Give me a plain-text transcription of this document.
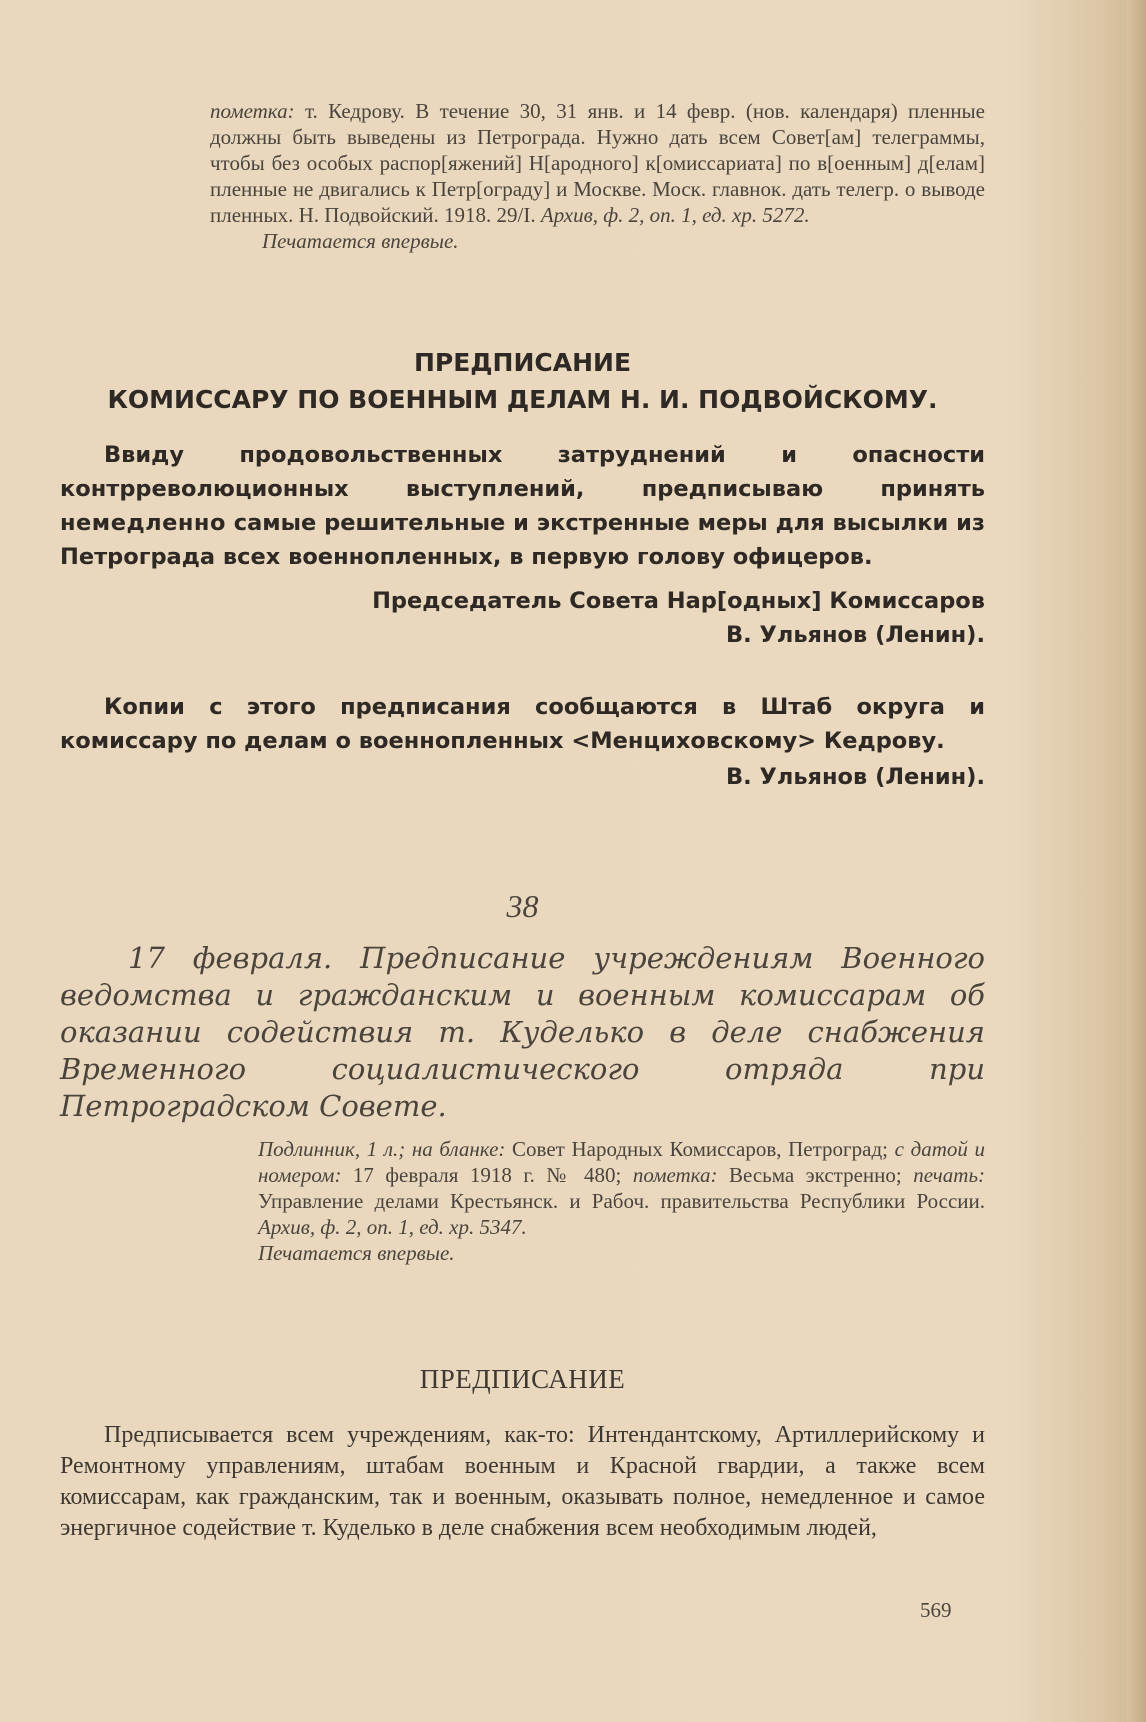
пометка: т. Кедрову. В течение 30, 31 янв. и 14 февр. (нов. календаря) пленные должны быть выведены из Петрограда. Нужно дать всем Совет[ам] телеграммы, чтобы без особых распор[яжений] Н[ародного] к[омиссариата] по в[оенным] д[елам] пленные не двигались к Петр[ограду] и Москве. Моск. главнок. дать телегр. о выводе пленных. Н. Подвойский. 1918. 29/I. Архив, ф. 2, оп. 1, ед. хр. 5272.

Печатается впервые.

ПРЕДПИСАНИЕ

КОМИССАРУ ПО ВОЕННЫМ ДЕЛАМ Н. И. ПОДВОЙСКОМУ.

Ввиду продовольственных затруднений и опасности контрреволюционных выступлений, предписываю принять немедленно самые решительные и экстренные меры для высылки из Петрограда всех военнопленных, в первую голову офицеров.

Председатель Совета Нар[одных] Комиссаров

В. Ульянов (Ленин).

Копии с этого предписания сообщаются в Штаб округа и комиссару по делам о военнопленных <Менциховскому> Кедрову.

В. Ульянов (Ленин).
38
17 февраля. Предписание учреждениям Военного ведомства и гражданским и военным комиссарам об оказании содействия т. Куделько в деле снабжения Временного социалистического отряда при Петроградском Совете.

Подлинник, 1 л.; на бланке: Совет Народных Комиссаров, Петроград; с датой и номером: 17 февраля 1918 г. № 480; пометка: Весьма экстренно; печать: Управление делами Крестьянск. и Рабоч. правительства Республики России. Архив, ф. 2, оп. 1, ед. хр. 5347.

Печатается впервые.

ПРЕДПИСАНИЕ
Предписывается всем учреждениям, как-то: Интендантскому, Артиллерийскому и Ремонтному управлениям, штабам военным и Красной гвардии, а также всем комиссарам, как гражданским, так и военным, оказывать полное, немедленное и самое энергичное содействие т. Куделько в деле снабжения всем необходимым людей,
569
